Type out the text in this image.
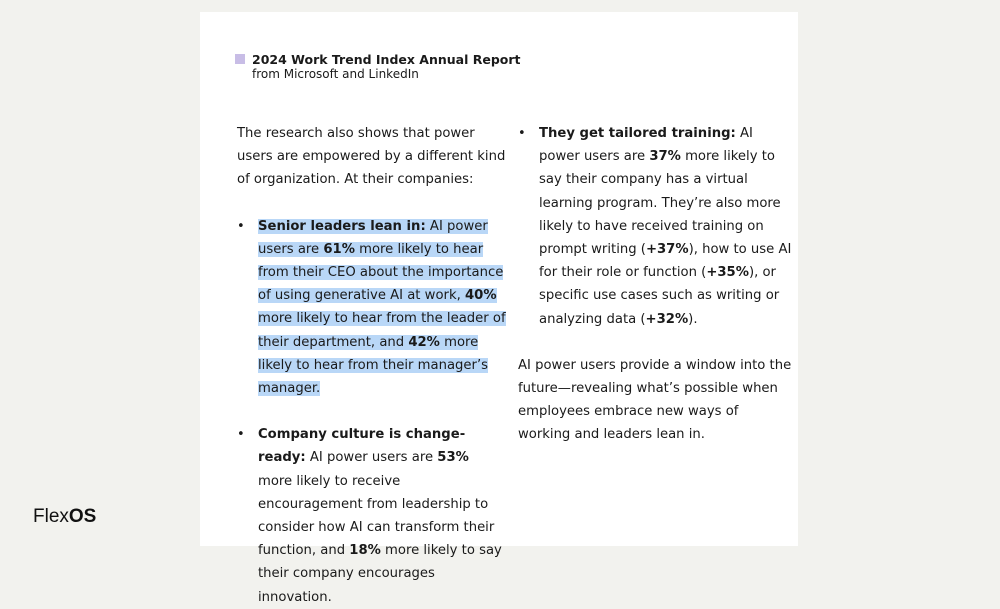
2024 Work Trend Index Annual Report
from Microsoft and LinkedIn

The research also shows that power users are empowered by a different kind of organization. At their companies:

• Senior leaders lean in: AI power users are 61% more likely to hear from their CEO about the importance of using generative AI at work, 40% more likely to hear from the leader of their department, and 42% more likely to hear from their manager’s manager.
• Company culture is change-ready: AI power users are 53% more likely to receive encouragement from leadership to consider how AI can transform their function, and 18% more likely to say their company encourages innovation.
• They get tailored training: AI power users are 37% more likely to say their company has a virtual learning program. They’re also more likely to have received training on prompt writing (+37%), how to use AI for their role or function (+35%), or specific use cases such as writing or analyzing data (+32%).

AI power users provide a window into the future—revealing what’s possible when employees embrace new ways of working and leaders lean in.

FlexOS
